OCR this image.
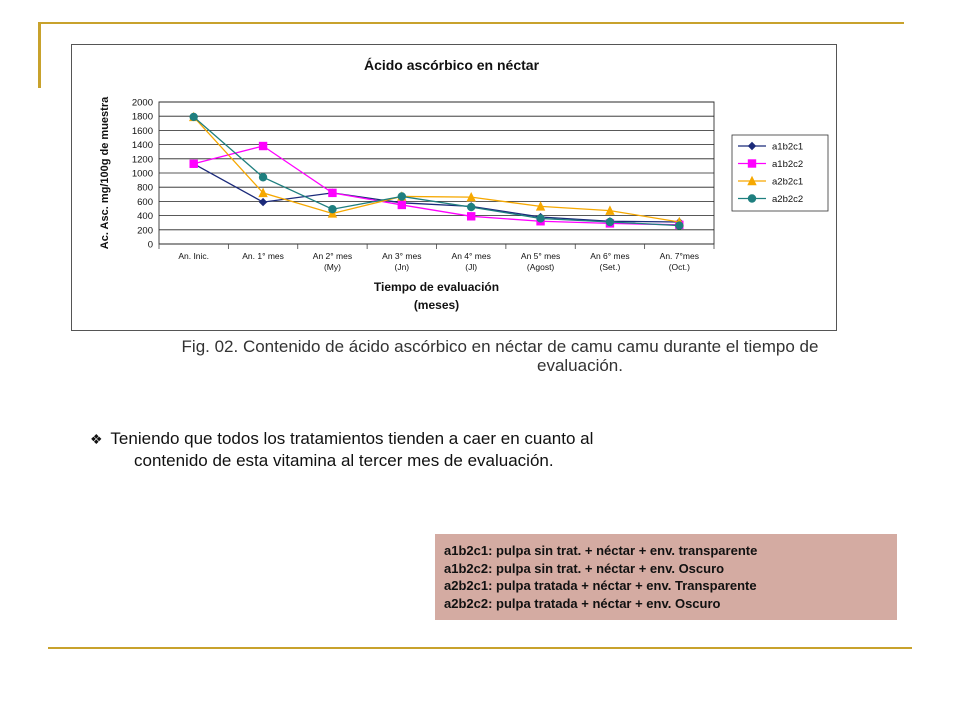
Ácido ascórbico en néctar
0
200
400
600
800
1000
1200
1400
1600
1800
2000
An. Inic.	An. 1° mes	An 2° mes
(My)
An 3° mes
(Jn)
An 4° mes
(Jl)
An 5° mes
(Agost)
An 6° mes
(Set.)
An. 7°mes
(Oct.)
Tiempo de evaluación
(meses)
Ac. Asc. mg/100g de muestra	a1b2c1
a1b2c2
a2b2c1
a2b2c2
Fig. 02. Contenido de ácido ascórbico en néctar de camu camu durante el tiempo de
evaluación.
❖ Teniendo que todos los tratamientos tienden a caer en cuanto al
contenido de esta vitamina al tercer mes de evaluación.
a1b2c1: pulpa sin trat. + néctar + env. transparente
a1b2c2: pulpa sin trat. + néctar + env. Oscuro
a2b2c1: pulpa tratada + néctar + env. Transparente
a2b2c2: pulpa tratada + néctar + env. Oscuro
